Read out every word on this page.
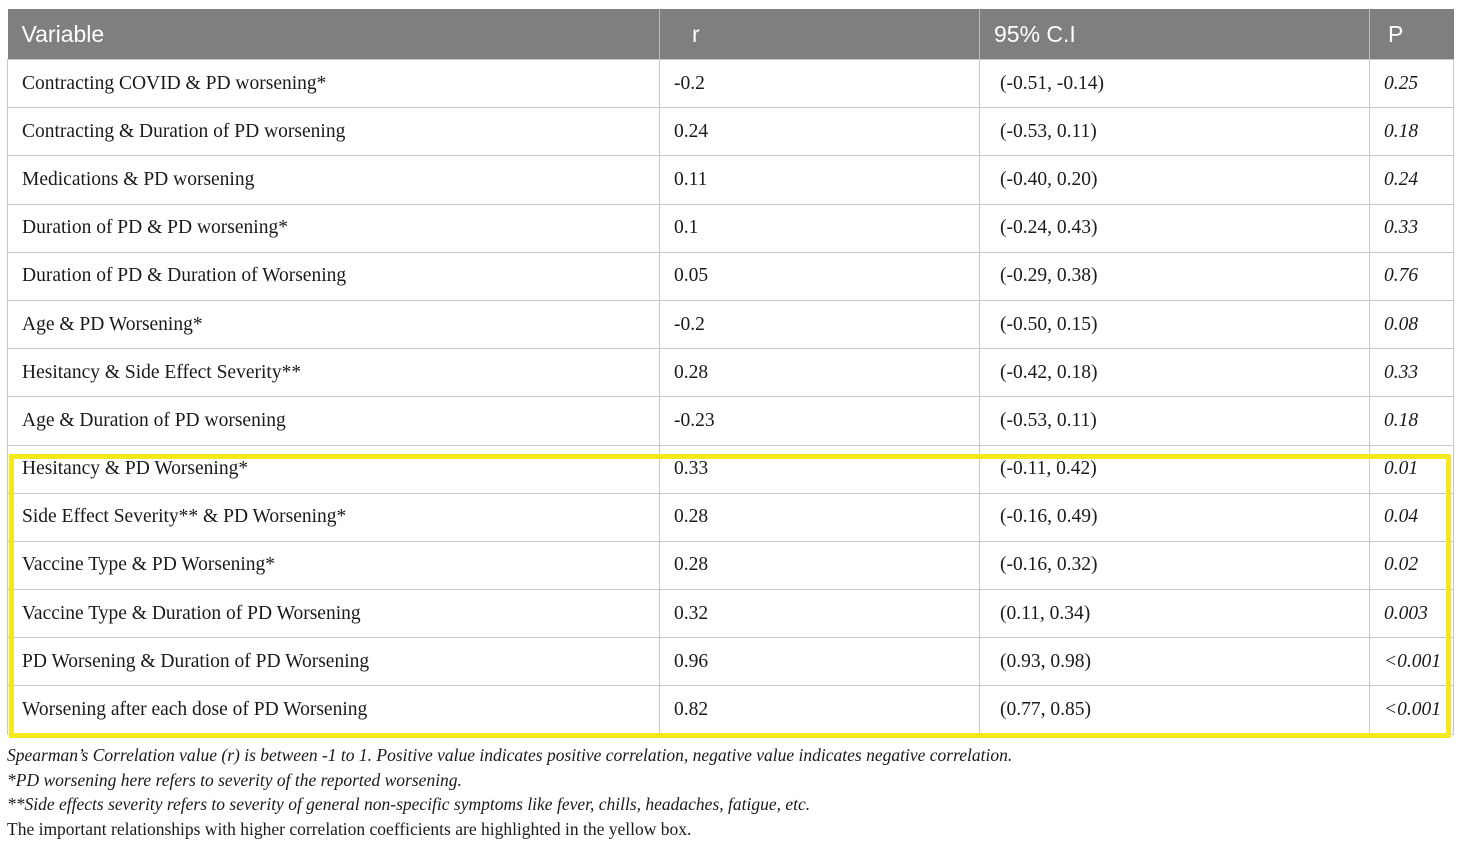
Variable	r	95% C.I	P
Contracting COVID & PD worsening*	-0.2	(-0.51, -0.14)	0.25
Contracting & Duration of PD worsening	0.24	(-0.53, 0.11)	0.18
Medications & PD worsening	0.11	(-0.40, 0.20)	0.24
Duration of PD & PD worsening*	0.1	(-0.24, 0.43)	0.33
Duration of PD & Duration of Worsening	0.05	(-0.29, 0.38)	0.76
Age & PD Worsening*	-0.2	(-0.50, 0.15)	0.08
Hesitancy & Side Effect Severity**	0.28	(-0.42, 0.18)	0.33
Age & Duration of PD worsening	-0.23	(-0.53, 0.11)	0.18
Hesitancy & PD Worsening*	0.33	(-0.11, 0.42)	0.01
Side Effect Severity** & PD Worsening*	0.28	(-0.16, 0.49)	0.04
Vaccine Type & PD Worsening*	0.28	(-0.16, 0.32)	0.02
Vaccine Type & Duration of PD Worsening	0.32	(0.11, 0.34)	0.003
PD Worsening & Duration of PD Worsening	0.96	(0.93, 0.98)	<0.001
Worsening after each dose of PD Worsening	0.82	(0.77, 0.85)	<0.001
Spearman’s Correlation value (r) is between -1 to 1. Positive value indicates positive correlation, negative value indicates negative correlation.
*PD worsening here refers to severity of the reported worsening.
**Side effects severity refers to severity of general non-specific symptoms like fever, chills, headaches, fatigue, etc.
The important relationships with higher correlation coefficients are highlighted in the yellow box.
